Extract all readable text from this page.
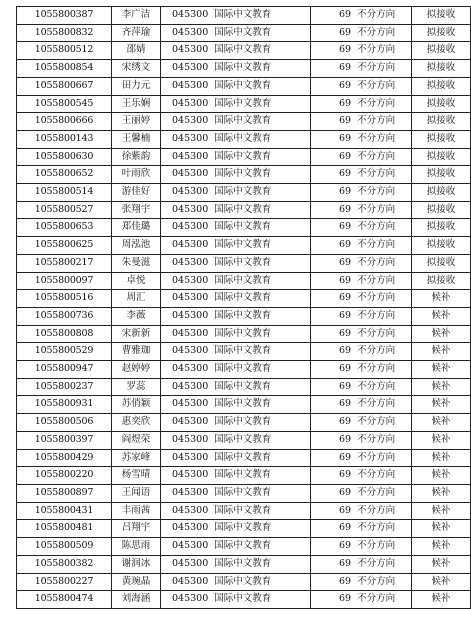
1055800387	李广洁	045300 国际中文教育	69 不分方向	拟接收
1055800832	齐萍瑜	045300 国际中文教育	69 不分方向	拟接收
1055800512	邵婧	045300 国际中文教育	69 不分方向	拟接收
1055800854	宋绣文	045300 国际中文教育	69 不分方向	拟接收
1055800667	田力元	045300 国际中文教育	69 不分方向	拟接收
1055800545	王乐娴	045300 国际中文教育	69 不分方向	拟接收
1055800666	王丽婷	045300 国际中文教育	69 不分方向	拟接收
1055800143	王馨楠	045300 国际中文教育	69 不分方向	拟接收
1055800630	徐紫韵	045300 国际中文教育	69 不分方向	拟接收
1055800652	叶雨欣	045300 国际中文教育	69 不分方向	拟接收
1055800514	游佳好	045300 国际中文教育	69 不分方向	拟接收
1055800527	张翔宇	045300 国际中文教育	69 不分方向	拟接收
1055800653	郑佳璐	045300 国际中文教育	69 不分方向	拟接收
1055800625	周泓池	045300 国际中文教育	69 不分方向	拟接收
1055800217	朱曼滋	045300 国际中文教育	69 不分方向	拟接收
1055800097	卓悦	045300 国际中文教育	69 不分方向	拟接收
1055800516	周汇	045300 国际中文教育	69 不分方向	候补
1055800736	李薇	045300 国际中文教育	69 不分方向	候补
1055800808	宋新新	045300 国际中文教育	69 不分方向	候补
1055800529	曹雅珈	045300 国际中文教育	69 不分方向	候补
1055800947	赵婷婷	045300 国际中文教育	69 不分方向	候补
1055800237	罗蕊	045300 国际中文教育	69 不分方向	候补
1055800931	苏俏颖	045300 国际中文教育	69 不分方向	候补
1055800506	惠奕欣	045300 国际中文教育	69 不分方向	候补
1055800397	阎煜荣	045300 国际中文教育	69 不分方向	候补
1055800429	苏家峰	045300 国际中文教育	69 不分方向	候补
1055800220	杨雪晴	045300 国际中文教育	69 不分方向	候补
1055800897	王闻语	045300 国际中文教育	69 不分方向	候补
1055800431	丰雨茜	045300 国际中文教育	69 不分方向	候补
1055800481	吕翔宇	045300 国际中文教育	69 不分方向	候补
1055800509	陈思雨	045300 国际中文教育	69 不分方向	候补
1055800382	谢润冰	045300 国际中文教育	69 不分方向	候补
1055800227	黄琬晶	045300 国际中文教育	69 不分方向	候补
1055800474	刘海涵	045300 国际中文教育	69 不分方向	候补
